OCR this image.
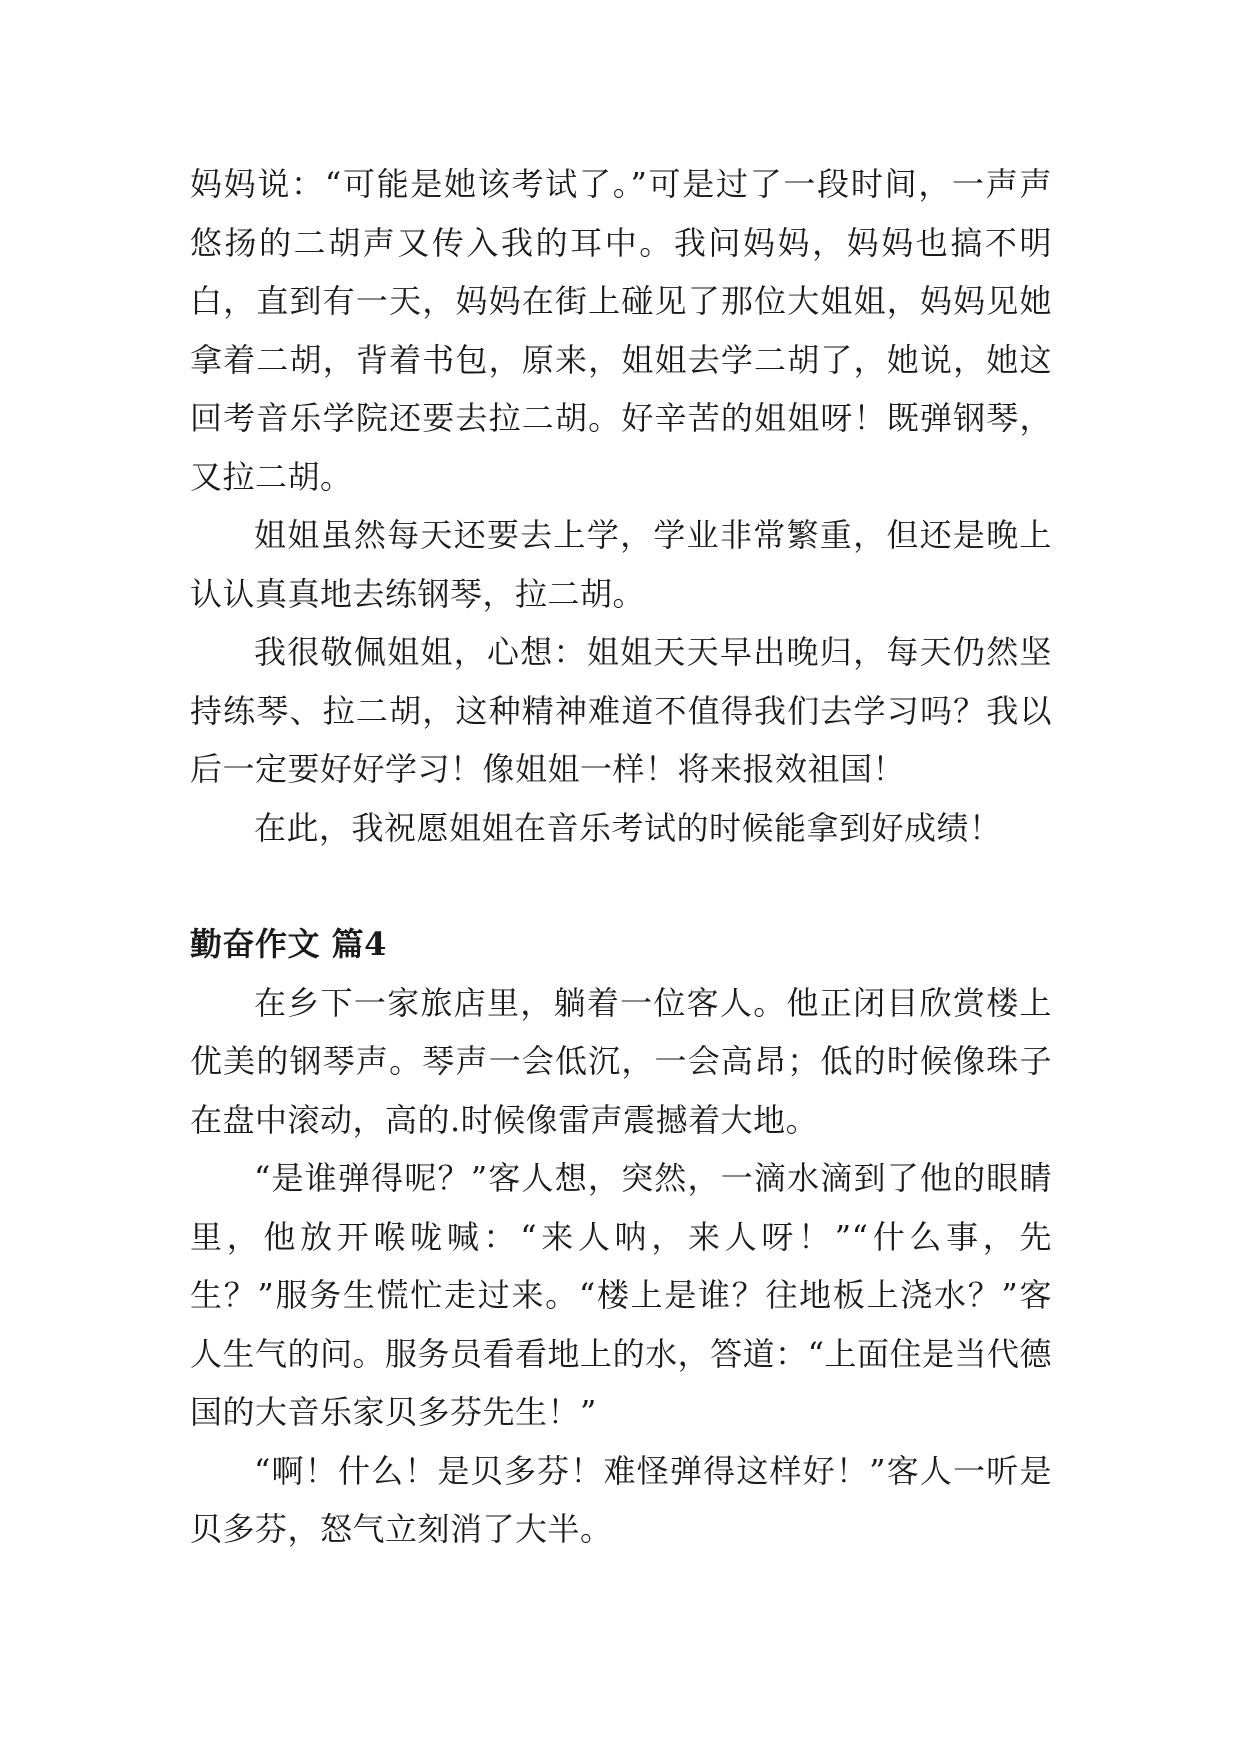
妈妈说：“可能是她该考试了。”可是过了一段时间，一声声悠扬的二胡声又传入我的耳中。我问妈妈，妈妈也搞不明白，直到有一天，妈妈在街上碰见了那位大姐姐，妈妈见她拿着二胡，背着书包，原来，姐姐去学二胡了，她说，她这回考音乐学院还要去拉二胡。好辛苦的姐姐呀！既弹钢琴，又拉二胡。

姐姐虽然每天还要去上学，学业非常繁重，但还是晚上认认真真地去练钢琴，拉二胡。

我很敬佩姐姐，心想：姐姐天天早出晚归，每天仍然坚持练琴、拉二胡，这种精神难道不值得我们去学习吗？我以后一定要好好学习！像姐姐一样！将来报效祖国！

在此，我祝愿姐姐在音乐考试的时候能拿到好成绩！

勤奋作文 篇4

在乡下一家旅店里，躺着一位客人。他正闭目欣赏楼上优美的钢琴声。琴声一会低沉，一会高昂；低的时候像珠子在盘中滚动，高的.时候像雷声震撼着大地。

“是谁弹得呢？”客人想，突然，一滴水滴到了他的眼睛里，他放开喉咙喊：“来人呐，来人呀！”“什么事，先生？”服务生慌忙走过来。“楼上是谁？往地板上浇水？”客人生气的问。服务员看看地上的水，答道：“上面住是当代德国的大音乐家贝多芬先生！”

“啊！什么！是贝多芬！难怪弹得这样好！”客人一听是贝多芬，怒气立刻消了大半。
